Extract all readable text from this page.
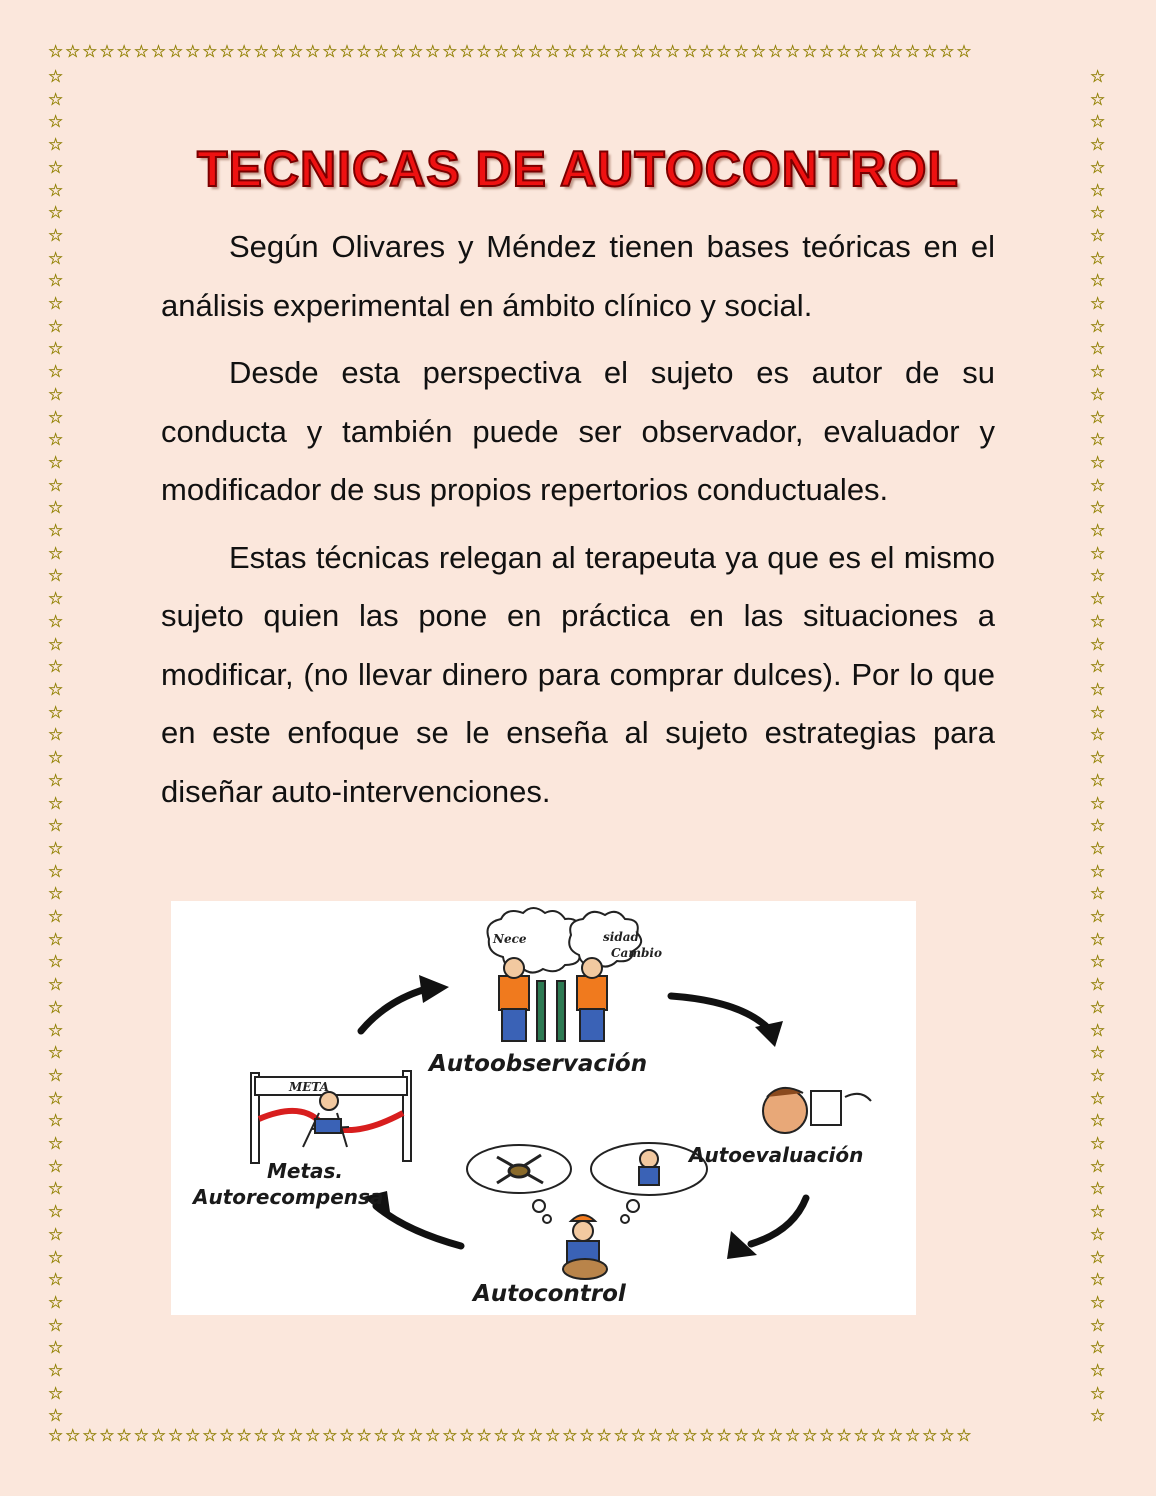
☆☆☆☆☆☆☆☆☆☆☆☆☆☆☆☆☆☆☆☆☆☆☆☆☆☆☆☆☆☆☆☆☆☆☆☆☆☆☆☆☆☆☆☆☆☆☆☆☆☆☆☆☆☆
☆☆☆☆☆☆☆☆☆☆☆☆☆☆☆☆☆☆☆☆☆☆☆☆☆☆☆☆☆☆☆☆☆☆☆☆☆☆☆☆☆☆☆☆☆☆☆☆☆☆☆☆☆☆
☆☆☆☆☆☆☆☆☆☆☆☆☆☆☆☆☆☆☆☆☆☆☆☆☆☆☆☆☆☆☆☆☆☆☆☆☆☆☆☆☆☆☆☆☆☆☆☆☆☆☆☆☆☆☆☆☆☆☆☆
☆☆☆☆☆☆☆☆☆☆☆☆☆☆☆☆☆☆☆☆☆☆☆☆☆☆☆☆☆☆☆☆☆☆☆☆☆☆☆☆☆☆☆☆☆☆☆☆☆☆☆☆☆☆☆☆☆☆☆☆
TECNICAS DE AUTOCONTROL

Según Olivares y Méndez tienen bases teóricas en el análisis experimental en ámbito clínico y social.

Desde esta perspectiva el sujeto es autor de su conducta y también puede ser observador, evaluador y modificador de sus propios repertorios conductuales.

Estas técnicas relegan al terapeuta ya que es el mismo sujeto quien las pone en práctica en las situaciones a modificar, (no llevar dinero para comprar dulces). Por lo que en este enfoque se le enseña al sujeto estrategias para diseñar auto-intervenciones.

Nece	sidad
Cambio
META
Autoobservación
Autoevaluación
Autocontrol
Metas.
Autorecompensa
